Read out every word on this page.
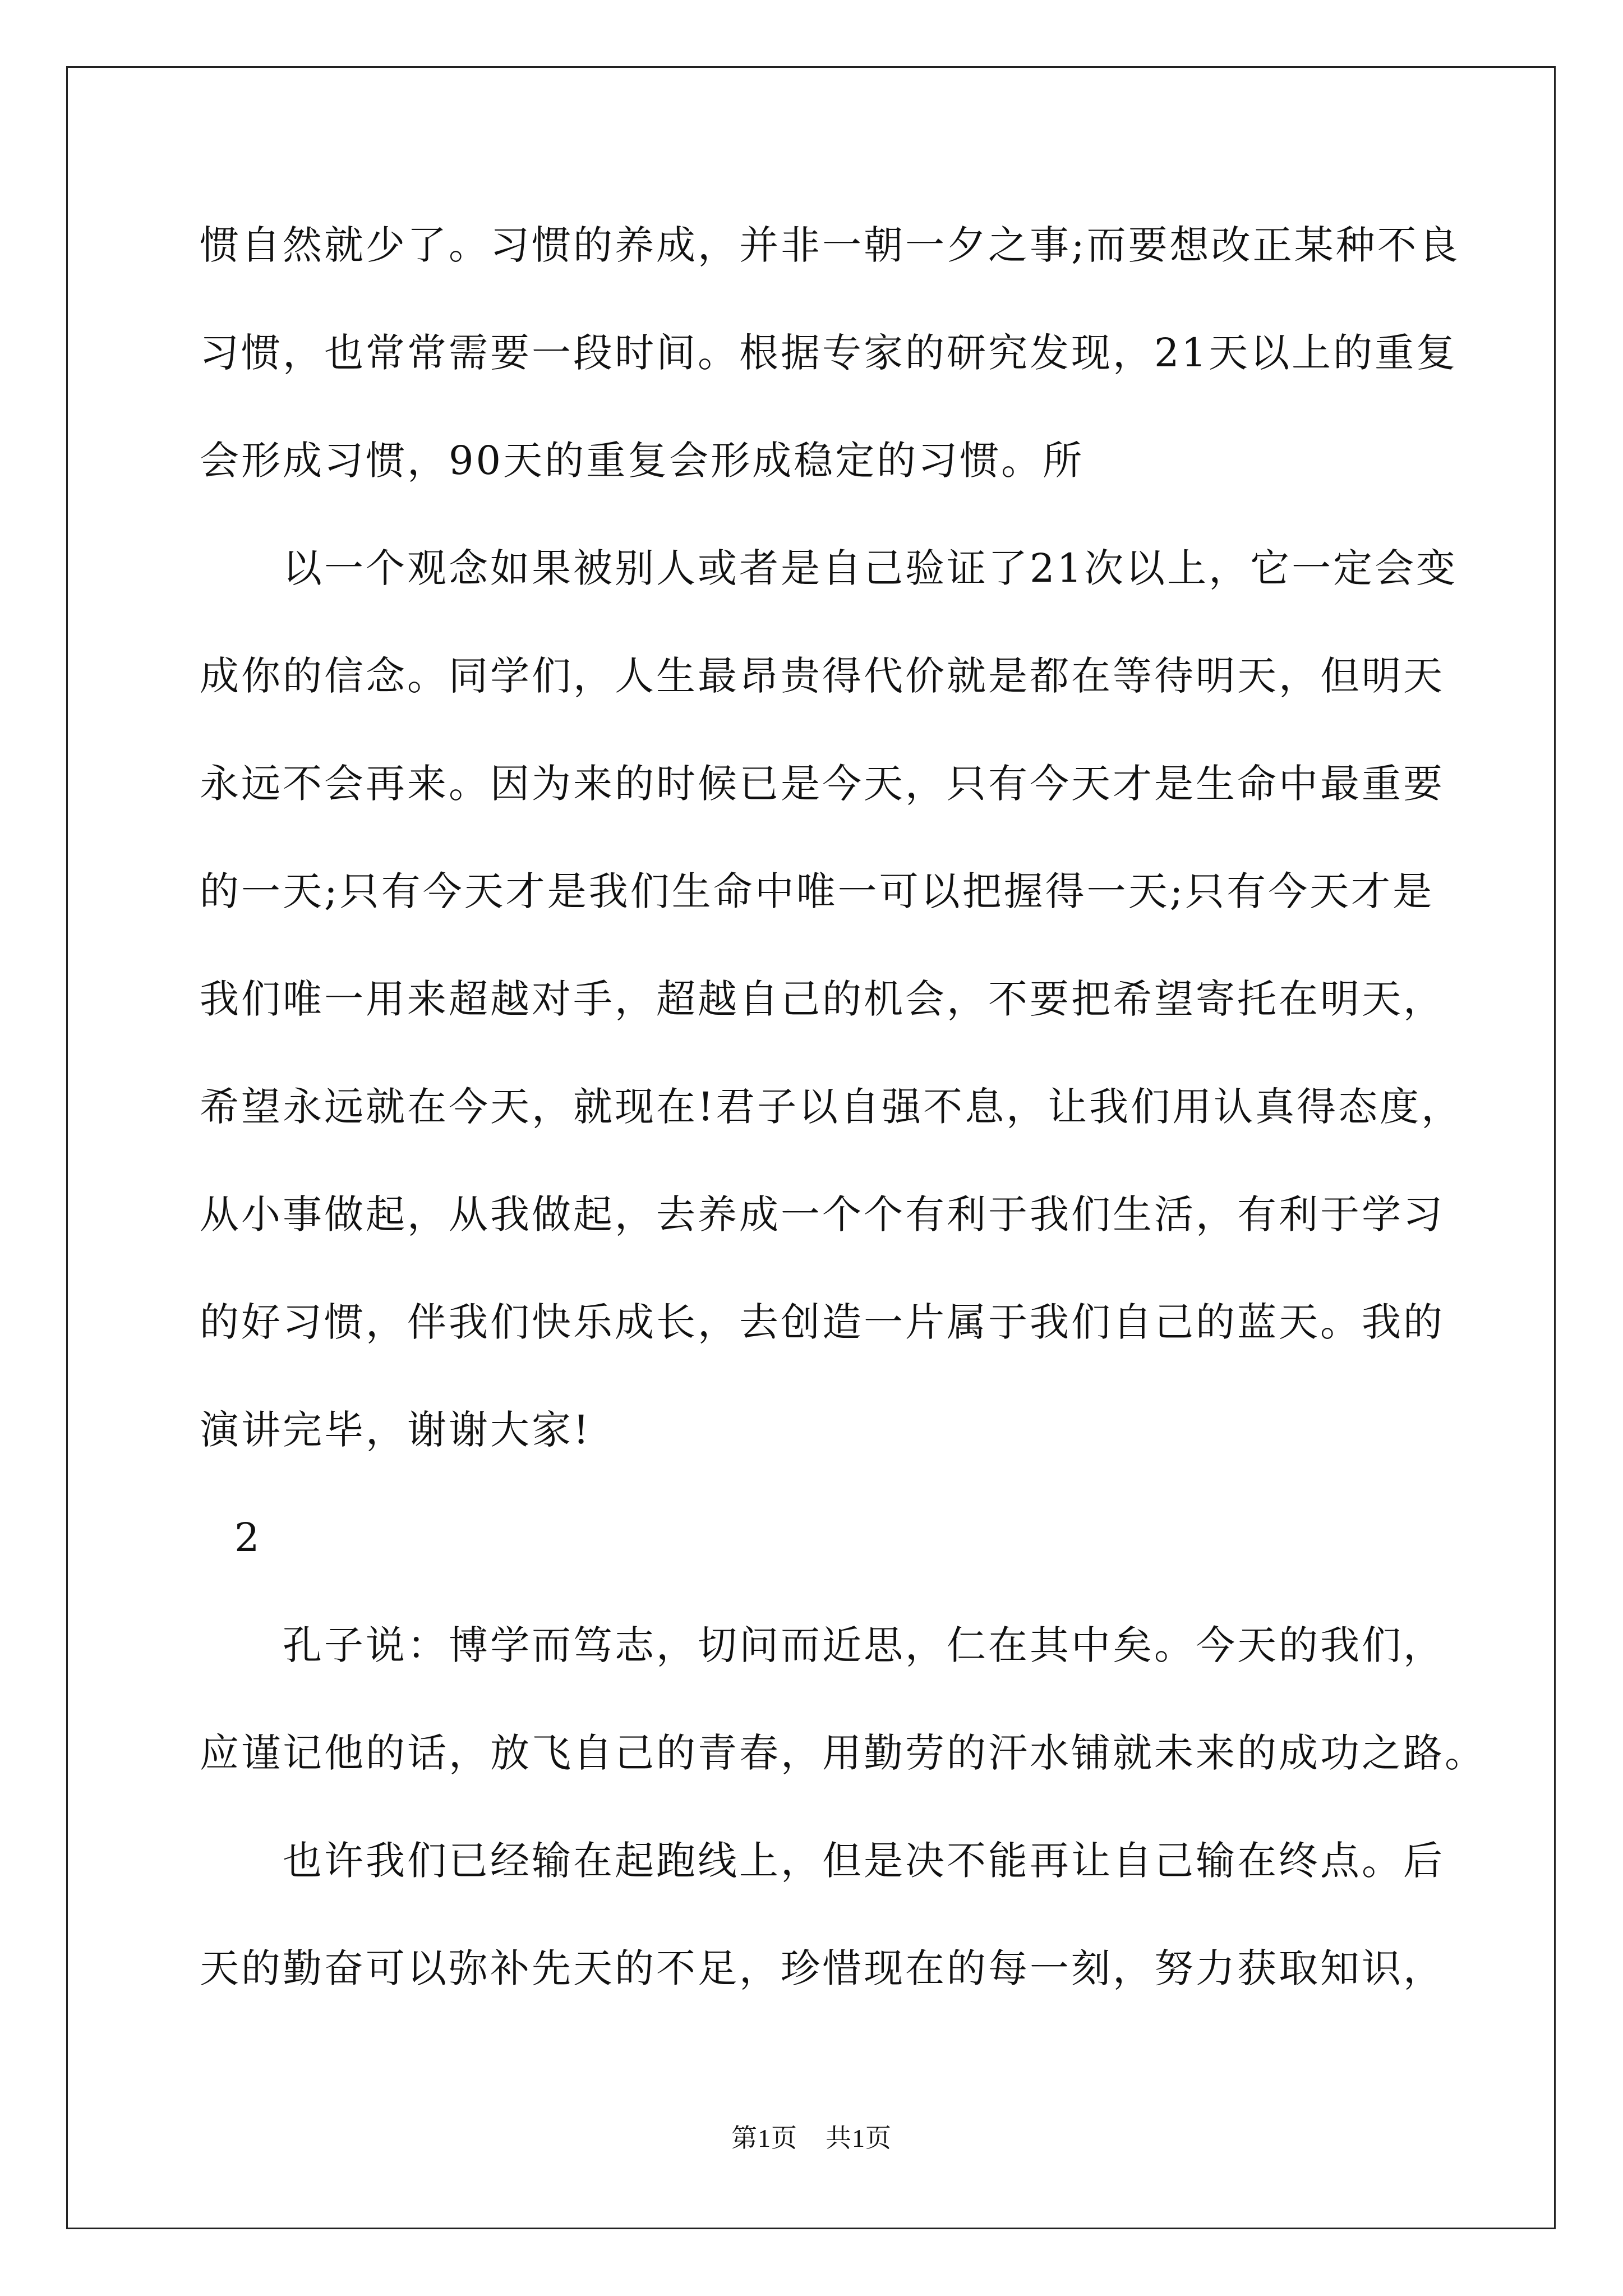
惯自然就少了。习惯的养成，并非一朝一夕之事;而要想改正某种不良

习惯，也常常需要一段时间。根据专家的研究发现，21天以上的重复

会形成习惯，90天的重复会形成稳定的习惯。所

以一个观念如果被别人或者是自己验证了21次以上，它一定会变

成你的信念。同学们，人生最昂贵得代价就是都在等待明天，但明天

永远不会再来。因为来的时候已是今天，只有今天才是生命中最重要

的一天;只有今天才是我们生命中唯一可以把握得一天;只有今天才是

我们唯一用来超越对手，超越自己的机会，不要把希望寄托在明天，

希望永远就在今天，就现在!君子以自强不息，让我们用认真得态度，

从小事做起，从我做起，去养成一个个有利于我们生活，有利于学习

的好习惯，伴我们快乐成长，去创造一片属于我们自己的蓝天。我的

演讲完毕，谢谢大家!

2

孔子说：博学而笃志，切问而近思，仁在其中矣。今天的我们，

应谨记他的话，放飞自己的青春，用勤劳的汗水铺就未来的成功之路。

也许我们已经输在起跑线上，但是决不能再让自己输在终点。后

天的勤奋可以弥补先天的不足，珍惜现在的每一刻，努力获取知识，

第1页 共1页
